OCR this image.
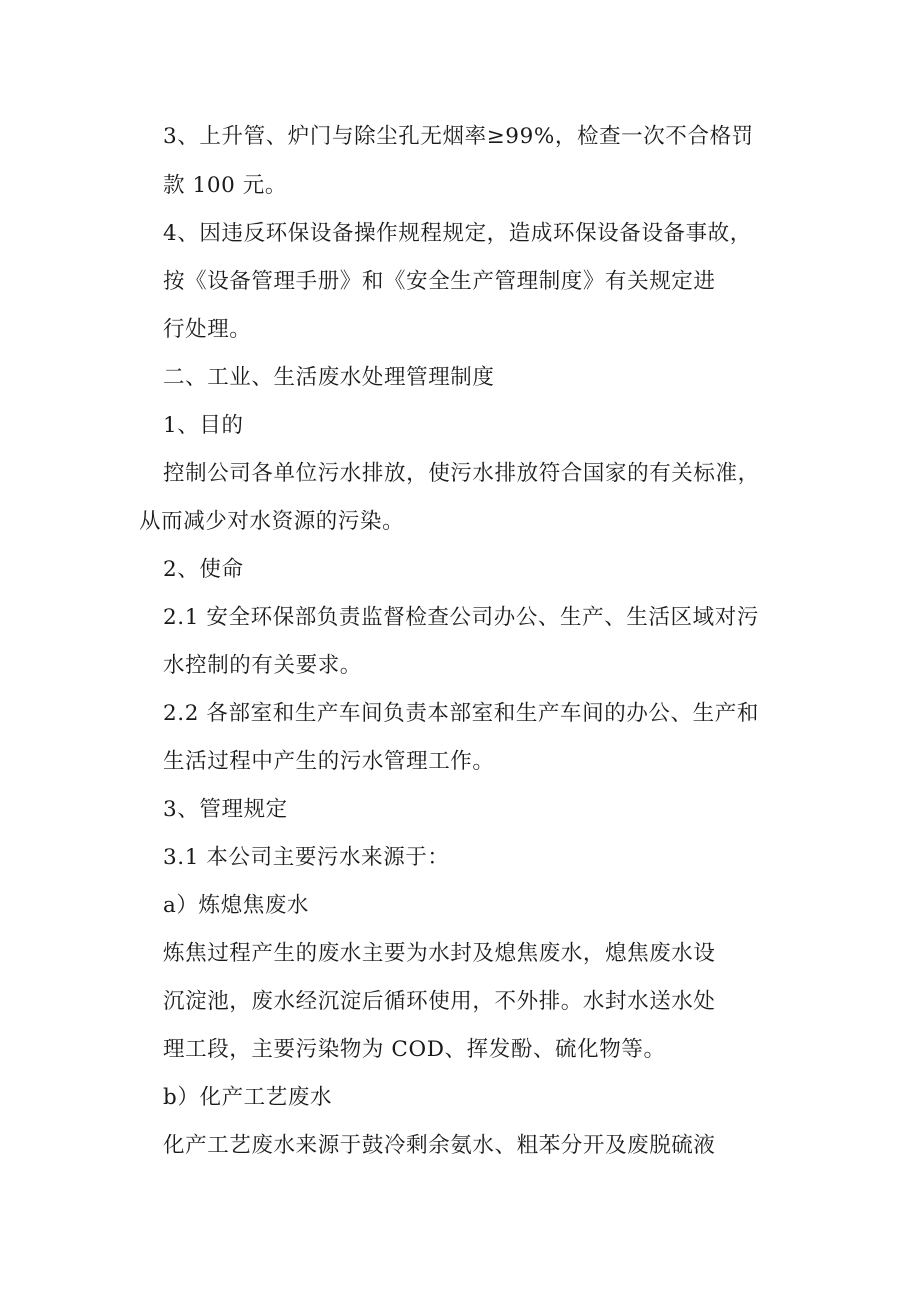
3、上升管、炉门与除尘孔无烟率≥99%，检查一次不合格罚
款 100 元。
4、因违反环保设备操作规程规定，造成环保设备设备事故，
按《设备管理手册》和《安全生产管理制度》有关规定进
行处理。
二、工业、生活废水处理管理制度
1、目的
控制公司各单位污水排放，使污水排放符合国家的有关标准，
从而减少对水资源的污染。
2、使命
2.1 安全环保部负责监督检查公司办公、生产、生活区域对污
水控制的有关要求。
2.2 各部室和生产车间负责本部室和生产车间的办公、生产和
生活过程中产生的污水管理工作。
3、管理规定
3.1 本公司主要污水来源于：
a）炼熄焦废水
炼焦过程产生的废水主要为水封及熄焦废水，熄焦废水设
沉淀池，废水经沉淀后循环使用，不外排。水封水送水处
理工段，主要污染物为 COD、挥发酚、硫化物等。
b）化产工艺废水
化产工艺废水来源于鼓冷剩余氨水、粗苯分开及废脱硫液
